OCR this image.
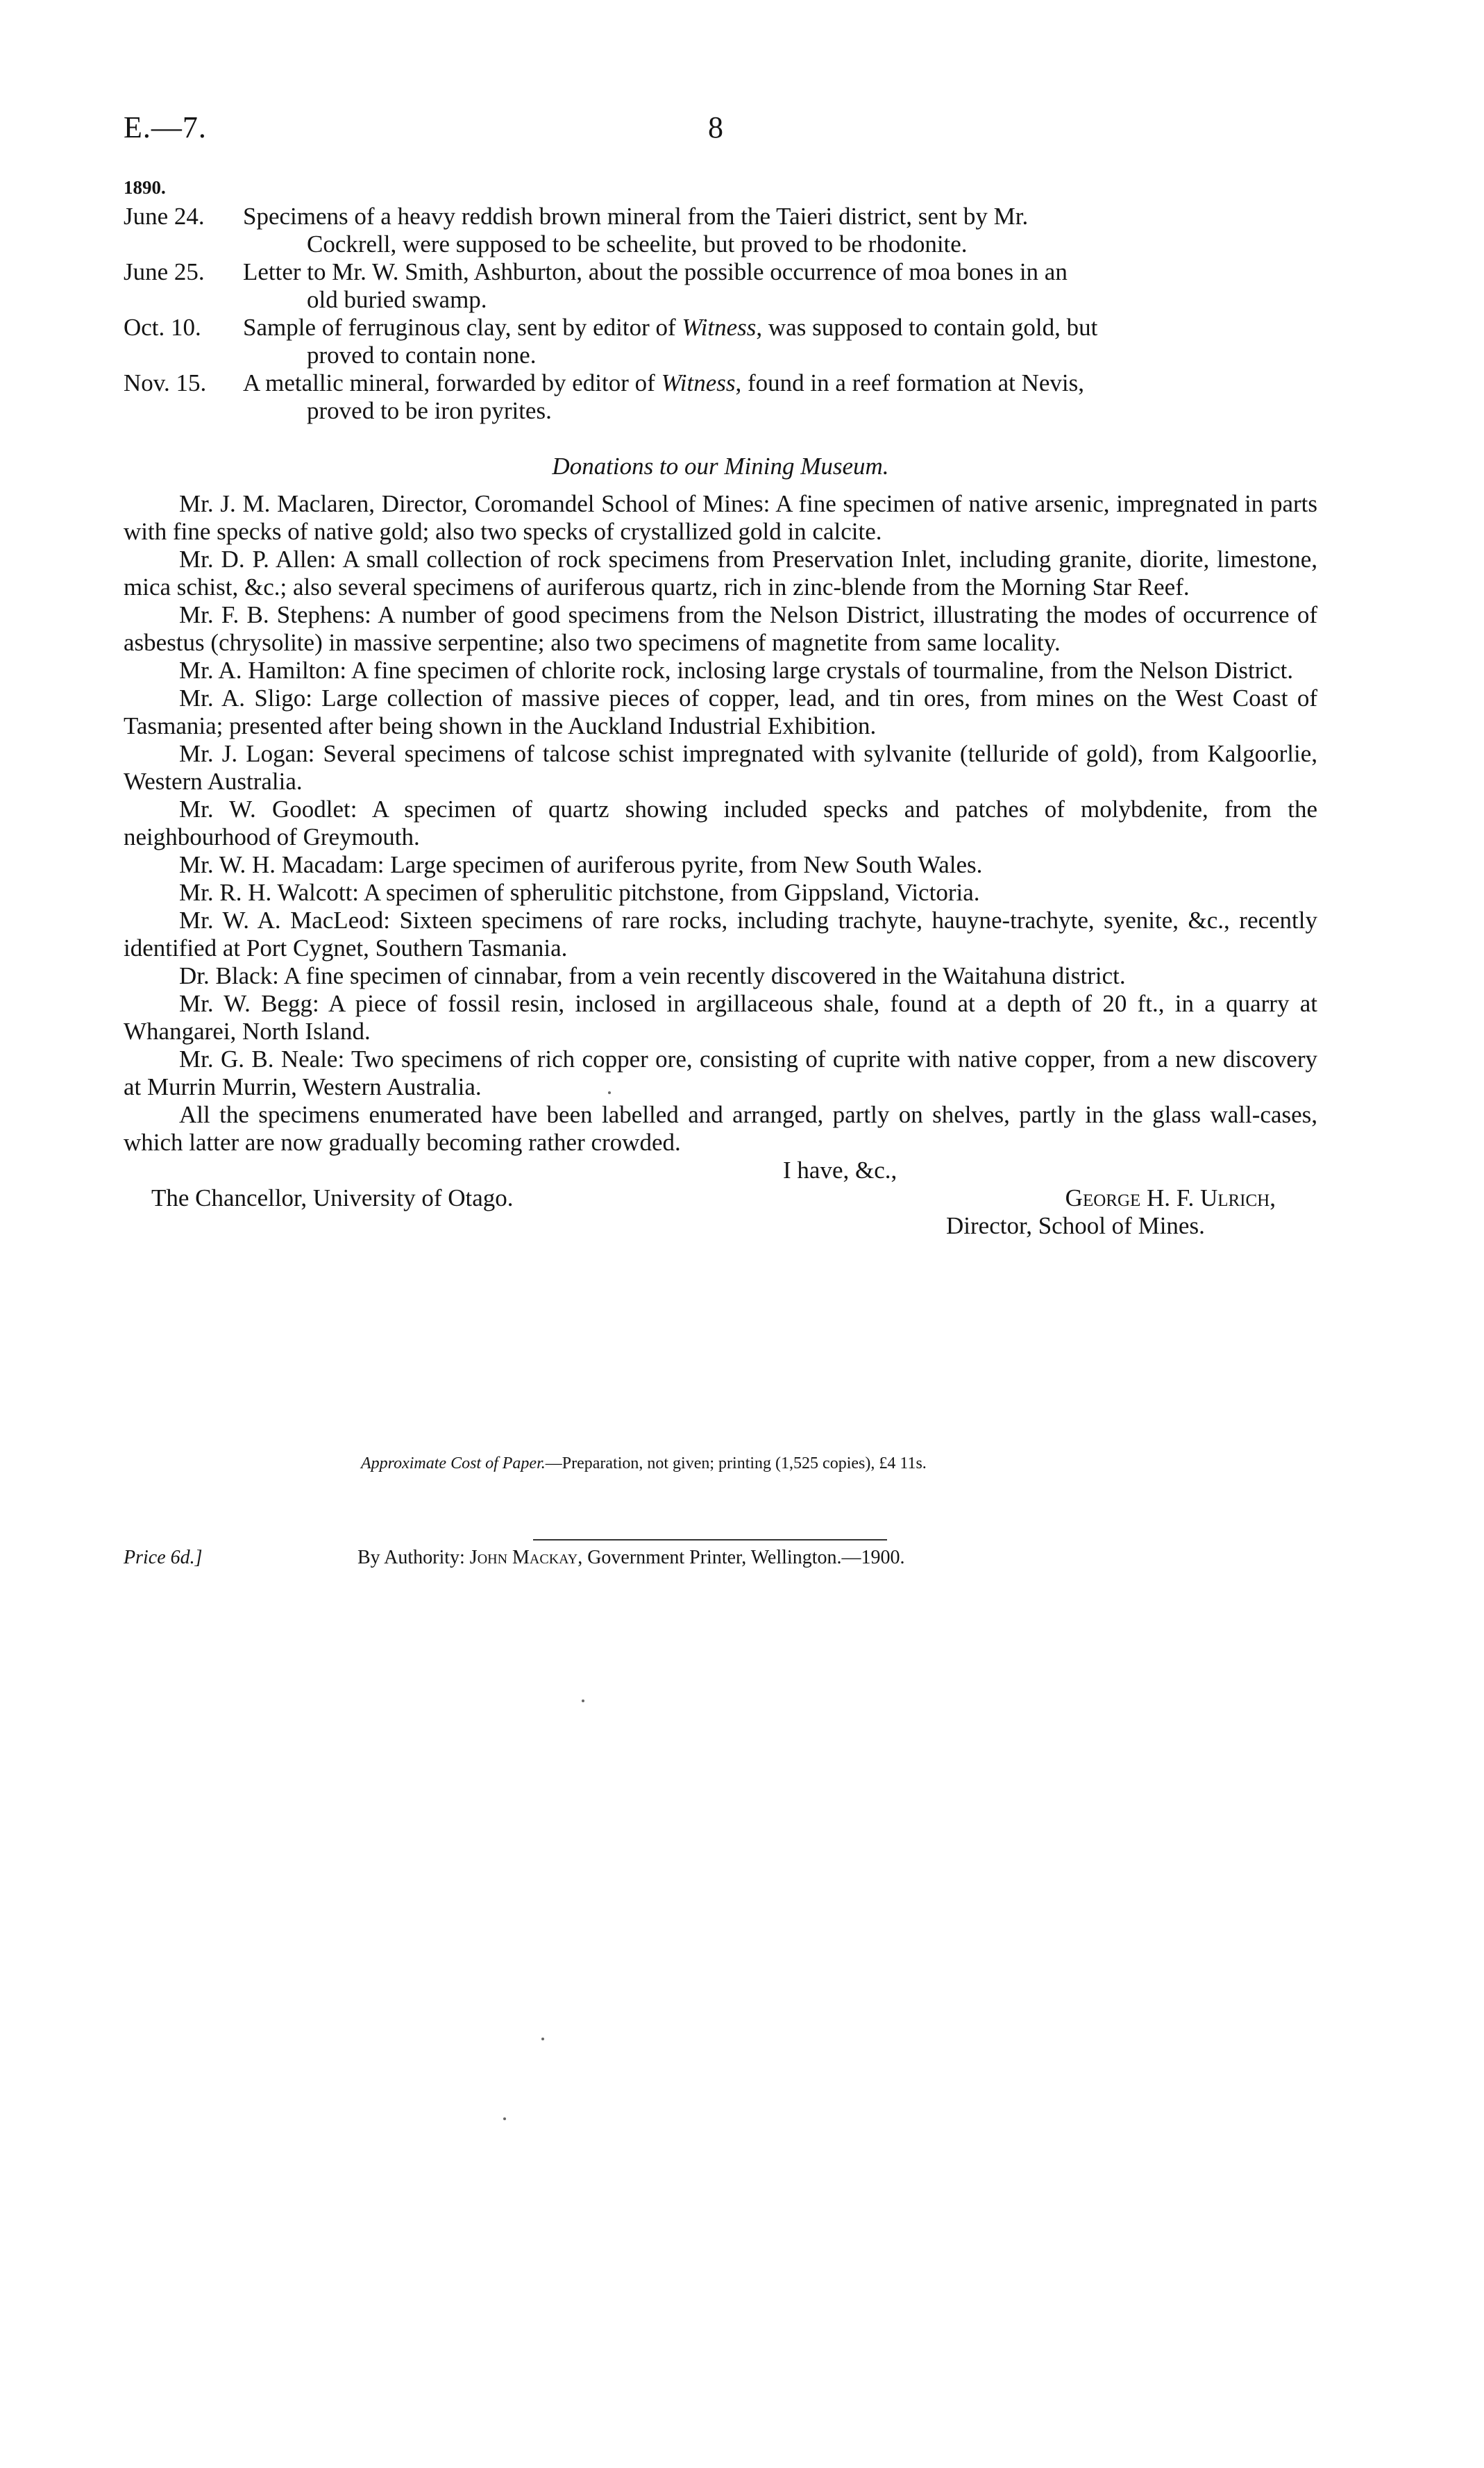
E.—7.	8
1890.
June 24.	Specimens of a heavy reddish brown mineral from the Taieri district, sent by Mr.
Cockrell, were supposed to be scheelite, but proved to be rhodonite.
June 25.	Letter to Mr. W. Smith, Ashburton, about the possible occurrence of moa bones in an
old buried swamp.
Oct. 10.	Sample of ferruginous clay, sent by editor of Witness, was supposed to contain gold, but
proved to contain none.
Nov. 15.	A metallic mineral, forwarded by editor of Witness, found in a reef formation at Nevis,
proved to be iron pyrites.
Donations to our Mining Museum.
Mr. J. M. Maclaren, Director, Coromandel School of Mines: A fine specimen of native arsenic, impregnated in parts with fine specks of native gold; also two specks of crystallized gold in calcite.
Mr. D. P. Allen: A small collection of rock specimens from Preservation Inlet, including granite, diorite, limestone, mica schist, &c.; also several specimens of auriferous quartz, rich in zinc-blende from the Morning Star Reef.
Mr. F. B. Stephens: A number of good specimens from the Nelson District, illustrating the modes of occurrence of asbestus (chrysolite) in massive serpentine; also two specimens of magnetite from same locality.
Mr. A. Hamilton: A fine specimen of chlorite rock, inclosing large crystals of tourmaline, from the Nelson District.
Mr. A. Sligo: Large collection of massive pieces of copper, lead, and tin ores, from mines on the West Coast of Tasmania; presented after being shown in the Auckland Industrial Exhibition.
Mr. J. Logan: Several specimens of talcose schist impregnated with sylvanite (telluride of gold), from Kalgoorlie, Western Australia.
Mr. W. Goodlet: A specimen of quartz showing included specks and patches of molybdenite, from the neighbourhood of Greymouth.
Mr. W. H. Macadam: Large specimen of auriferous pyrite, from New South Wales.
Mr. R. H. Walcott: A specimen of spherulitic pitchstone, from Gippsland, Victoria.
Mr. W. A. MacLeod: Sixteen specimens of rare rocks, including trachyte, hauyne-trachyte, syenite, &c., recently identified at Port Cygnet, Southern Tasmania.
Dr. Black: A fine specimen of cinnabar, from a vein recently discovered in the Waitahuna district.
Mr. W. Begg: A piece of fossil resin, inclosed in argillaceous shale, found at a depth of 20 ft., in a quarry at Whangarei, North Island.
Mr. G. B. Neale: Two specimens of rich copper ore, consisting of cuprite with native copper, from a new discovery at Murrin Murrin, Western Australia.
All the specimens enumerated have been labelled and arranged, partly on shelves, partly in the glass wall-cases, which latter are now gradually becoming rather crowded.
I have, &c.,
The Chancellor, University of Otago.	George H. F. Ulrich,
Director, School of Mines.
Approximate Cost of Paper.—Preparation, not given; printing (1,525 copies), £4 11s.
Price 6d.]	By Authority: John Mackay, Government Printer, Wellington.—1900.
